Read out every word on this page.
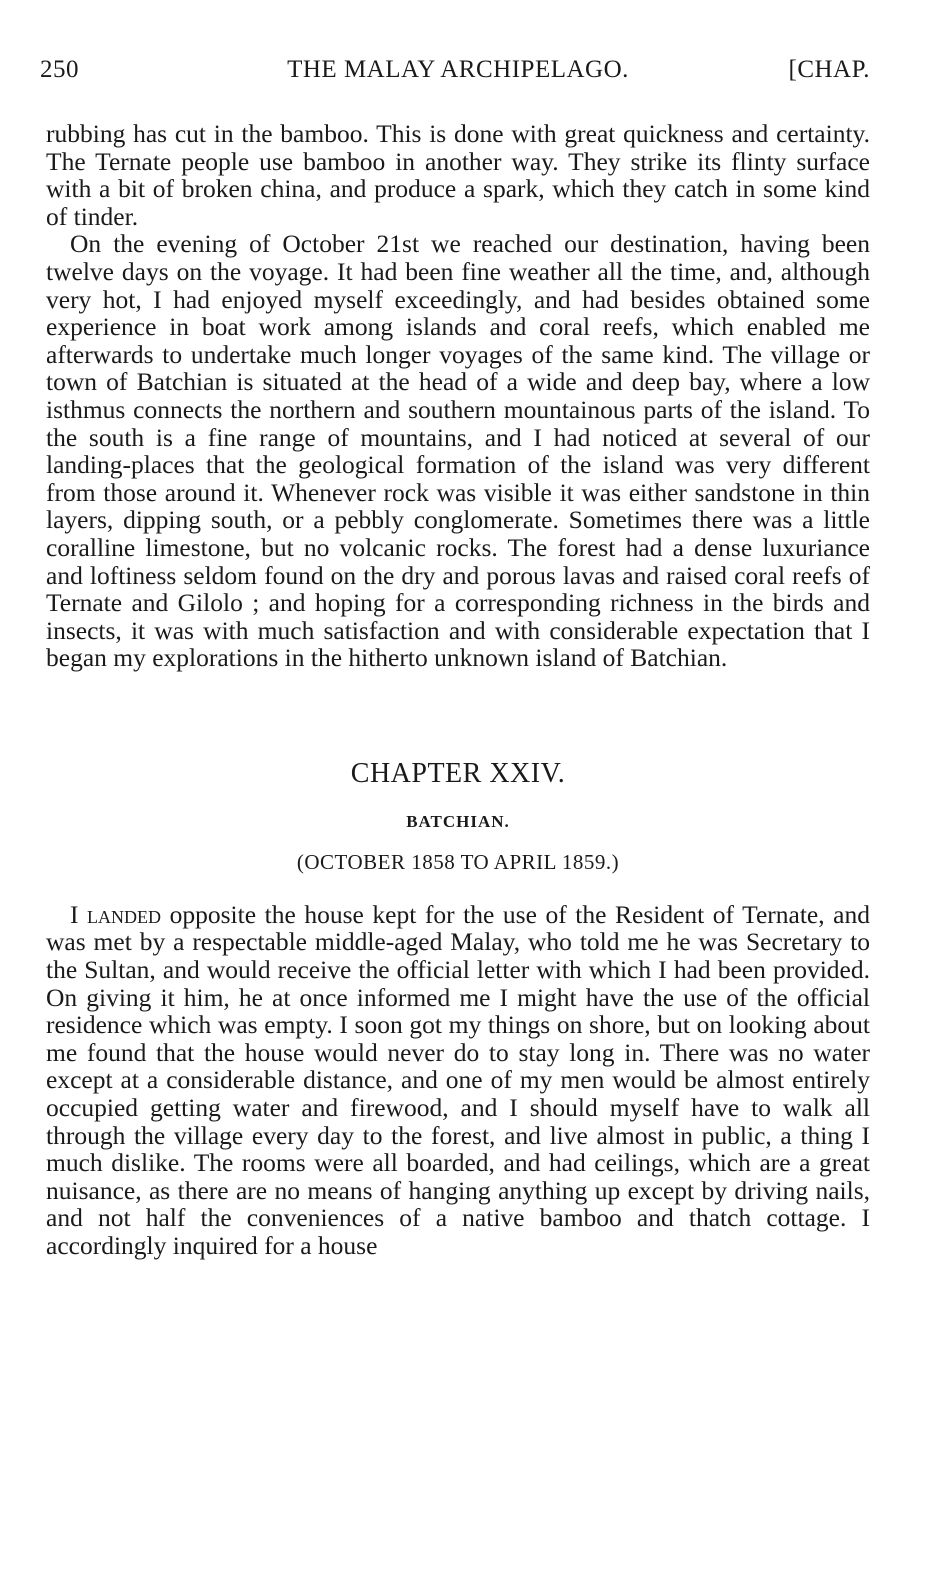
250	THE MALAY ARCHIPELAGO.	[CHAP.

rubbing has cut in the bamboo. This is done with great quickness and certainty. The Ternate people use bamboo in another way. They strike its flinty surface with a bit of broken china, and produce a spark, which they catch in some kind of tinder.

On the evening of October 21st we reached our destination, having been twelve days on the voyage. It had been fine weather all the time, and, although very hot, I had enjoyed myself exceedingly, and had besides obtained some experience in boat work among islands and coral reefs, which enabled me afterwards to undertake much longer voyages of the same kind. The village or town of Batchian is situated at the head of a wide and deep bay, where a low isthmus connects the northern and southern mountainous parts of the island. To the south is a fine range of mountains, and I had noticed at several of our landing-places that the geological formation of the island was very different from those around it. Whenever rock was visible it was either sandstone in thin layers, dipping south, or a pebbly conglomerate. Sometimes there was a little coralline limestone, but no volcanic rocks. The forest had a dense luxuriance and loftiness seldom found on the dry and porous lavas and raised coral reefs of Ternate and Gilolo ; and hoping for a corresponding richness in the birds and insects, it was with much satisfaction and with considerable expectation that I began my explorations in the hitherto unknown island of Batchian.

CHAPTER XXIV.
BATCHIAN.
(OCTOBER 1858 TO APRIL 1859.)

I landed opposite the house kept for the use of the Resident of Ternate, and was met by a respectable middle-aged Malay, who told me he was Secretary to the Sultan, and would receive the official letter with which I had been provided. On giving it him, he at once informed me I might have the use of the official residence which was empty. I soon got my things on shore, but on looking about me found that the house would never do to stay long in. There was no water except at a considerable distance, and one of my men would be almost entirely occupied getting water and firewood, and I should myself have to walk all through the village every day to the forest, and live almost in public, a thing I much dislike. The rooms were all boarded, and had ceilings, which are a great nuisance, as there are no means of hanging anything up except by driving nails, and not half the conveniences of a native bamboo and thatch cottage. I accordingly inquired for a house
